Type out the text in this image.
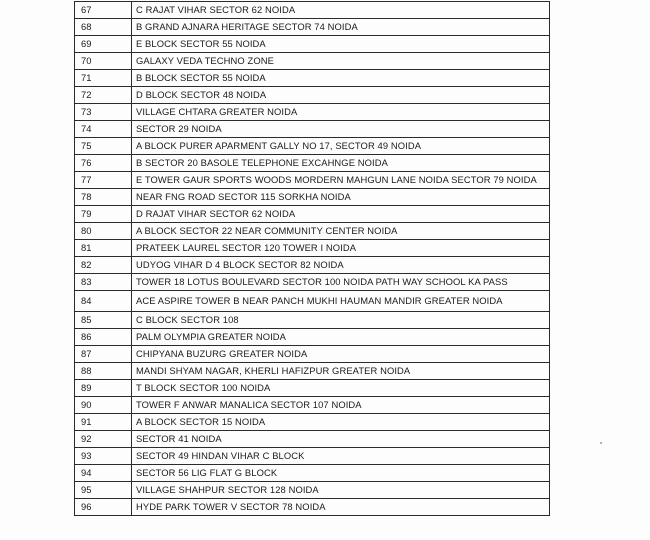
67	C RAJAT VIHAR SECTOR 62 NOIDA
68	B GRAND AJNARA HERITAGE SECTOR 74 NOIDA
69	E BLOCK SECTOR 55 NOIDA
70	GALAXY VEDA TECHNO ZONE
71	B BLOCK SECTOR 55 NOIDA
72	D BLOCK SECTOR 48 NOIDA
73	VILLAGE CHTARA GREATER NOIDA
74	SECTOR 29 NOIDA
75	A BLOCK PURER APARMENT GALLY NO 17, SECTOR 49 NOIDA
76	B SECTOR 20 BASOLE TELEPHONE EXCAHNGE NOIDA
77	E TOWER GAUR SPORTS WOODS MORDERN MAHGUN LANE NOIDA SECTOR 79 NOIDA
78	NEAR FNG ROAD SECTOR 115 SORKHA NOIDA
79	D RAJAT VIHAR SECTOR 62 NOIDA
80	A BLOCK SECTOR 22 NEAR COMMUNITY CENTER NOIDA
81	PRATEEK LAUREL SECTOR 120 TOWER I NOIDA
82	UDYOG VIHAR D 4 BLOCK SECTOR 82 NOIDA
83	TOWER 18 LOTUS BOULEVARD SECTOR 100 NOIDA PATH WAY SCHOOL KA PASS
84	ACE ASPIRE TOWER B NEAR PANCH MUKHI HAUMAN MANDIR GREATER NOIDA
85	C BLOCK SECTOR 108
86	PALM OLYMPIA GREATER NOIDA
87	CHIPYANA BUZURG GREATER NOIDA
88	MANDI SHYAM NAGAR, KHERLI HAFIZPUR GREATER NOIDA
89	T BLOCK SECTOR 100 NOIDA
90	TOWER F ANWAR MANALICA SECTOR 107 NOIDA
91	A BLOCK SECTOR 15 NOIDA
92	SECTOR 41 NOIDA
93	SECTOR 49 HINDAN VIHAR C BLOCK
94	SECTOR 56 LIG FLAT G BLOCK
95	VILLAGE SHAHPUR SECTOR 128 NOIDA
96	HYDE PARK TOWER V SECTOR 78 NOIDA
